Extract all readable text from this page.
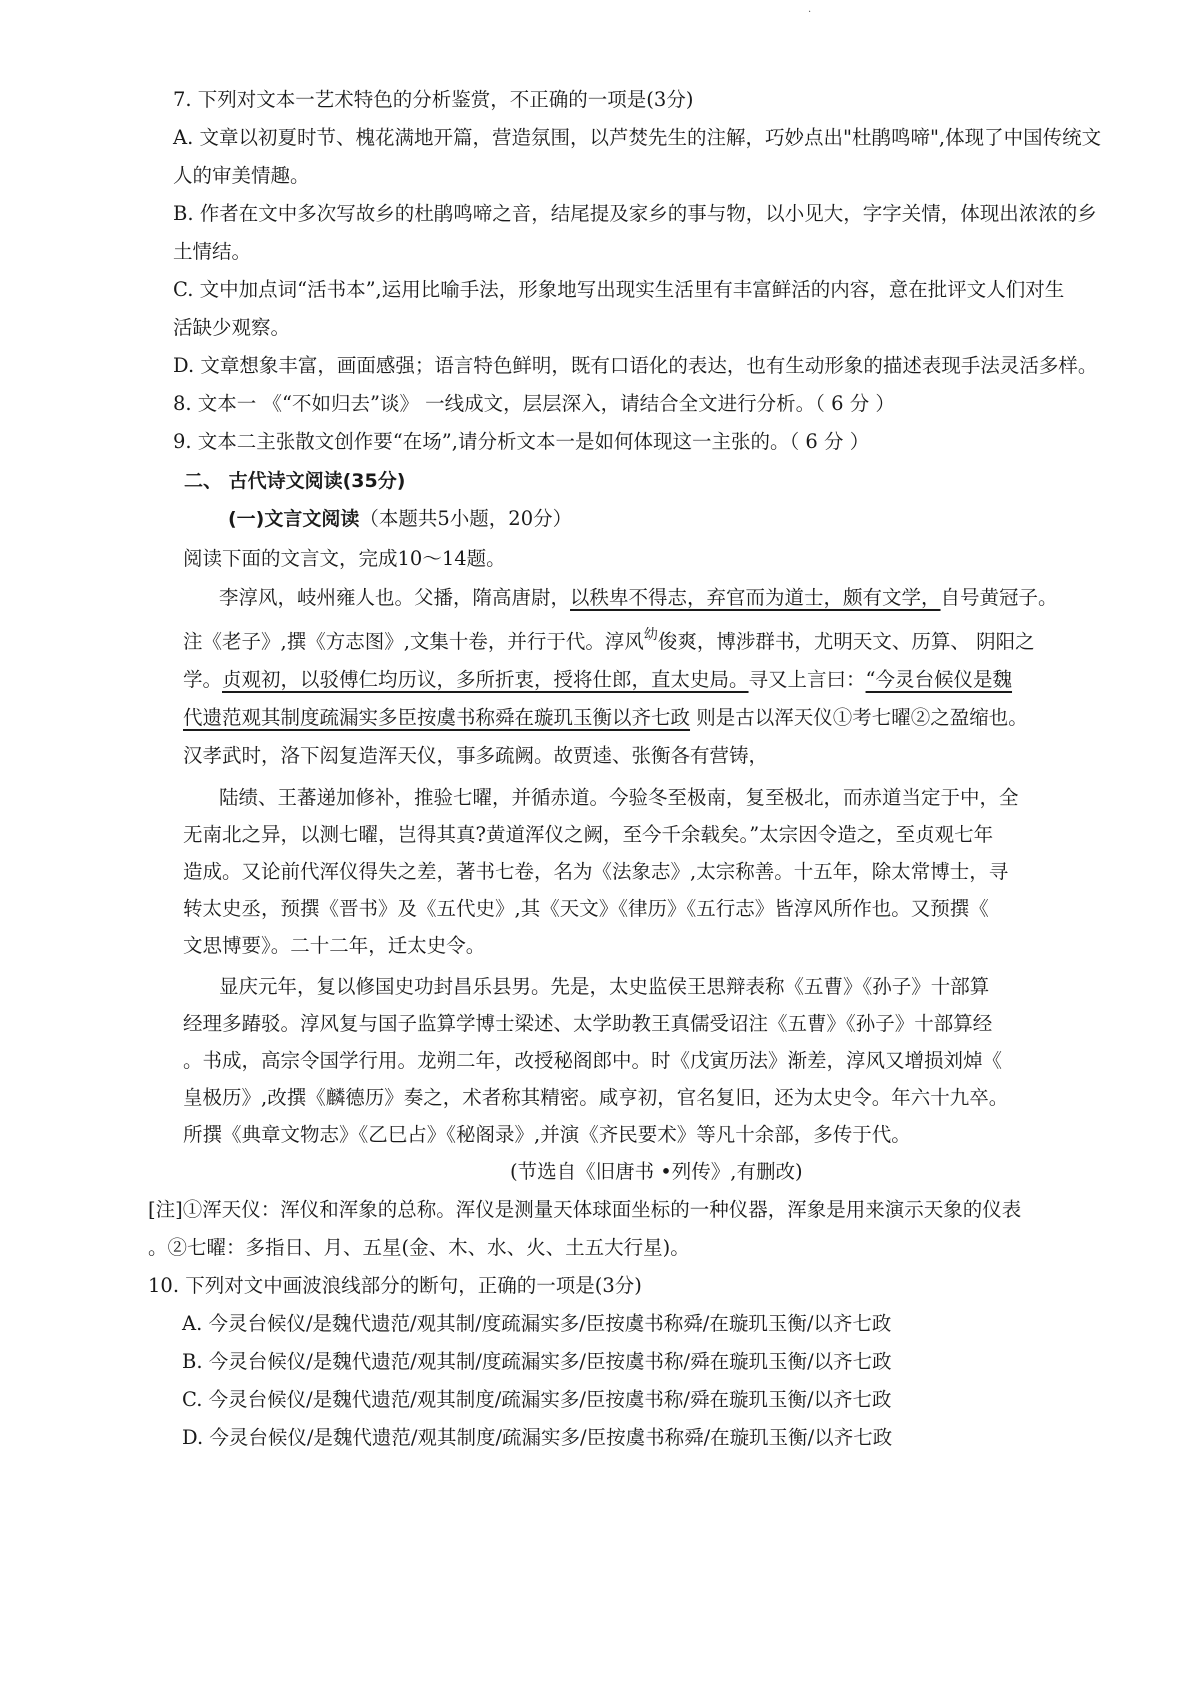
.
7. 下列对文本一艺术特色的分析鉴赏，不正确的一项是(3分)
A. 文章以初夏时节、槐花满地开篇，营造氛围，以芦焚先生的注解，巧妙点出"杜鹃鸣啼",体现了中国传统文
人的审美情趣。
B. 作者在文中多次写故乡的杜鹃鸣啼之音，结尾提及家乡的事与物，以小见大，字字关情，体现出浓浓的乡
土情结。
C. 文中加点词“活书本”,运用比喻手法，形象地写出现实生活里有丰富鲜活的内容，意在批评文人们对生
活缺少观察。
D. 文章想象丰富，画面感强；语言特色鲜明，既有口语化的表达，也有生动形象的描述表现手法灵活多样。
8. 文本一 《“不如归去”谈》 一线成文，层层深入，请结合全文进行分析。（ 6 分 ）
9. 文本二主张散文创作要“在场”,请分析文本一是如何体现这一主张的。（ 6 分 ）
二、 古代诗文阅读(35分)
(一)文言文阅读（本题共5小题，20分）
阅读下面的文言文，完成10～14题。
李淳风，岐州雍人也。父播，隋高唐尉，以秩卑不得志，弃官而为道士，颇有文学，自号黄冠子。
注《老子》,撰《方志图》,文集十卷，并行于代。淳风$^幼$俊爽，博涉群书，尤明天文、历算、 阴阳之
学。贞观初，以驳傅仁均历议，多所折衷，授将仕郎，直太史局。寻又上言曰：“今灵台候仪是魏
代遗范观其制度疏漏实多臣按虞书称舜在璇玑玉衡以齐七政 则是古以浑天仪①考七曜②之盈缩也。
汉孝武时，洛下闳复造浑天仪，事多疏阙。故贾逵、张衡各有营铸，
陆绩、王蕃递加修补，推验七曜，并循赤道。今验冬至极南，复至极北，而赤道当定于中，全
无南北之异，以测七曜，岂得其真?黄道浑仪之阙，至今千余载矣。”太宗因令造之，至贞观七年
造成。又论前代浑仪得失之差，著书七卷，名为《法象志》,太宗称善。十五年，除太常博士，寻
转太史丞，预撰《晋书》及《五代史》,其《天文》《律历》《五行志》皆淳风所作也。又预撰《
文思博要》。二十二年，迁太史令。
显庆元年，复以修国史功封昌乐县男。先是，太史监侯王思辩表称《五曹》《孙子》十部算
经理多踳驳。淳风复与国子监算学博士梁述、太学助教王真儒受诏注《五曹》《孙子》十部算经
。书成，高宗令国学行用。龙朔二年，改授秘阁郎中。时《戊寅历法》渐差，淳风又增损刘焯《
皇极历》,改撰《麟德历》奏之，术者称其精密。咸亨初，官名复旧，还为太史令。年六十九卒。
所撰《典章文物志》《乙巳占》《秘阁录》,并演《齐民要术》等凡十余部，多传于代。
(节选自《旧唐书 •列传》,有删改)
[注]①浑天仪：浑仪和浑象的总称。浑仪是测量天体球面坐标的一种仪器，浑象是用来演示天象的仪表
。②七曜：多指日、月、五星(金、木、水、火、土五大行星)。
10. 下列对文中画波浪线部分的断句，正确的一项是(3分)
A. 今灵台候仪/是魏代遗范/观其制/度疏漏实多/臣按虞书称舜/在璇玑玉衡/以齐七政
B. 今灵台候仪/是魏代遗范/观其制/度疏漏实多/臣按虞书称/舜在璇玑玉衡/以齐七政
C. 今灵台候仪/是魏代遗范/观其制度/疏漏实多/臣按虞书称/舜在璇玑玉衡/以齐七政
D. 今灵台候仪/是魏代遗范/观其制度/疏漏实多/臣按虞书称舜/在璇玑玉衡/以齐七政
